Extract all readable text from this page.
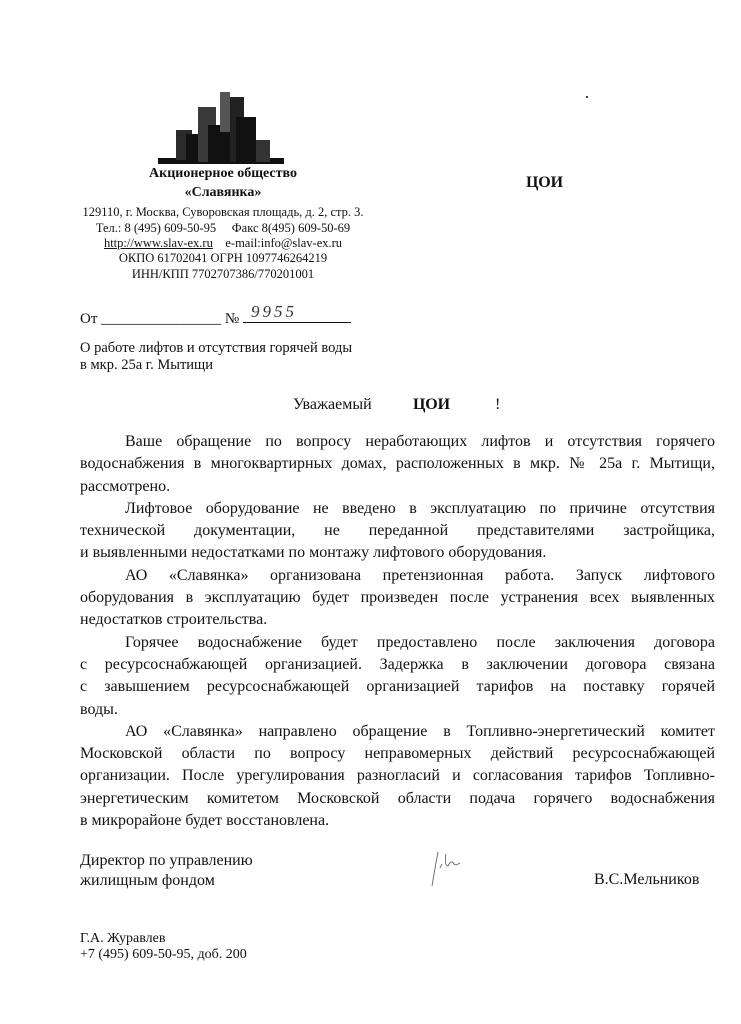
Акционерное общество
«Славянка»
129110, г. Москва, Суворовская площадь, д. 2, стр. 3.
Тел.: 8 (495) 609-50-95 Факс 8(495) 609-50-69
http://www.slav-ex.ru e-mail:info@slav-ex.ru
ОКПО 61702041 ОГРН 1097746264219
ИНН/КПП 7702707386/770201001
ЦОИ
От ________________ № 9955
О работе лифтов и отсутствия горячей воды
в мкр. 25а г. Мытищи
Уважаемый	ЦОИ	!
Ваше обращение по вопросу неработающих лифтов и отсутствия горячего
водоснабжения в многоквартирных домах, расположенных в мкр. № 25а г. Мытищи,
рассмотрено.
Лифтовое оборудование не введено в эксплуатацию по причине отсутствия
технической документации, не переданной представителями застройщика,
и выявленными недостатками по монтажу лифтового оборудования.
АО «Славянка» организована претензионная работа. Запуск лифтового
оборудования в эксплуатацию будет произведен после устранения всех выявленных
недостатков строительства.
Горячее водоснабжение будет предоставлено после заключения договора
с ресурсоснабжающей организацией. Задержка в заключении договора связана
с завышением ресурсоснабжающей организацией тарифов на поставку горячей
воды.
АО «Славянка» направлено обращение в Топливно-энергетический комитет
Московской области по вопросу неправомерных действий ресурсоснабжающей
организации. После урегулирования разногласий и согласования тарифов Топливно-
энергетическим комитетом Московской области подача горячего водоснабжения
в микрорайоне будет восстановлена.
Директор по управлению
жилищным фондом	В.С.Мельников
Г.А. Журавлев
+7 (495) 609-50-95, доб. 200
